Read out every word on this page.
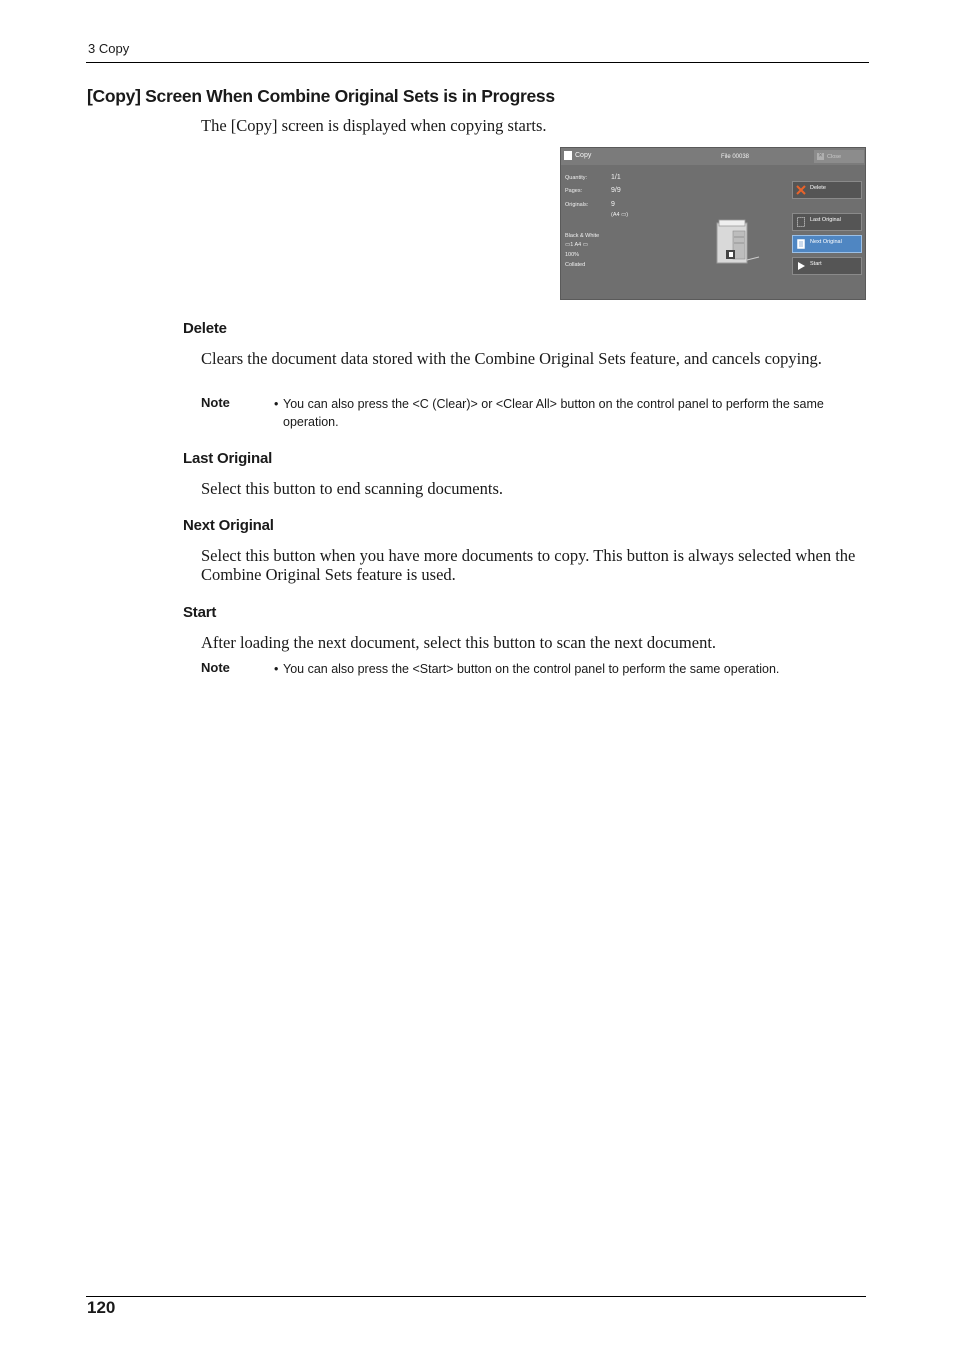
3 Copy
[Copy] Screen When Combine Original Sets is in Progress
The [Copy] screen is displayed when copying starts.
Copy	File 00038	✕ Close
Quantity:	1/1
Pages:	9/9
Originals:	9
(A4 ▭)
Black & White
▭1 A4 ▭
100%
Collated
Delete
Last Original
Next Original
Start
Delete
Clears the document data stored with the Combine Original Sets feature, and cancels copying.
Note	• You can also press the <C (Clear)> or <Clear All> button on the control panel to perform the same operation.
Last Original
Select this button to end scanning documents.
Next Original
Select this button when you have more documents to copy. This button is always selected when the Combine Original Sets feature is used.
Start
After loading the next document, select this button to scan the next document.
Note	• You can also press the <Start> button on the control panel to perform the same operation.
120
